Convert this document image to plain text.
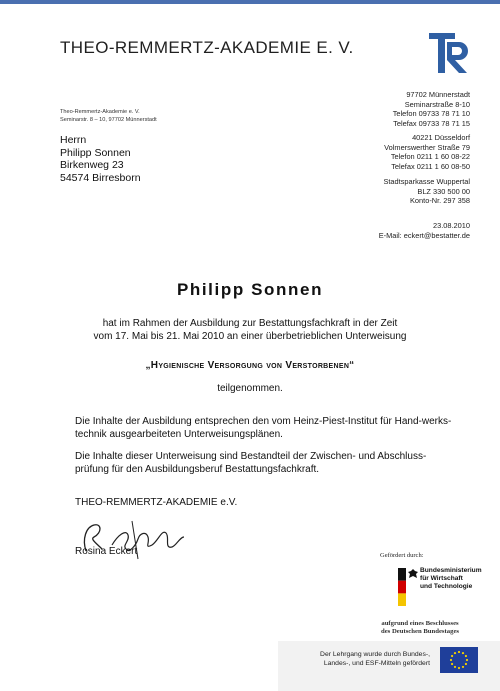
THEO-REMMERTZ-AKADEMIE E. V.
Theo-Remmertz-Akademie e. V.
Seminarstr. 8 – 10, 97702 Münnerstadt
Herrn
Philipp Sonnen
Birkenweg 23
54574 Birresborn
97702 Münnerstadt
Seminarstraße 8-10
Telefon 09733 78 71 10
Telefax 09733 78 71 15
40221 Düsseldorf
Volmerswerther Straße 79
Telefon 0211 1 60 08-22
Telefax 0211 1 60 08-50
Stadtsparkasse Wuppertal
BLZ 330 500 00
Konto-Nr. 297 358
23.08.2010
E-Mail: eckert@bestatter.de
Philipp Sonnen
hat im Rahmen der Ausbildung zur Bestattungsfachkraft in der Zeit
vom 17. Mai bis 21. Mai 2010 an einer überbetrieblichen Unterweisung
„Hygienische Versorgung von Verstorbenen“
teilgenommen.
Die Inhalte der Ausbildung entsprechen den vom Heinz-Piest-Institut für Hand-werks-technik ausgearbeiteten Unterweisungsplänen.
Die Inhalte dieser Unterweisung sind Bestandteil der Zwischen- und Abschluss-prüfung für den Ausbildungsberuf Bestattungsfachkraft.
THEO-REMMERTZ-AKADEMIE e.V.
Rosina Eckert	Gefördert durch:
Bundesministerium
für Wirtschaft
und Technologie
aufgrund eines Beschlusses
des Deutschen Bundestages
Der Lehrgang wurde durch Bundes-,
Landes-, und ESF-Mitteln gefördert
